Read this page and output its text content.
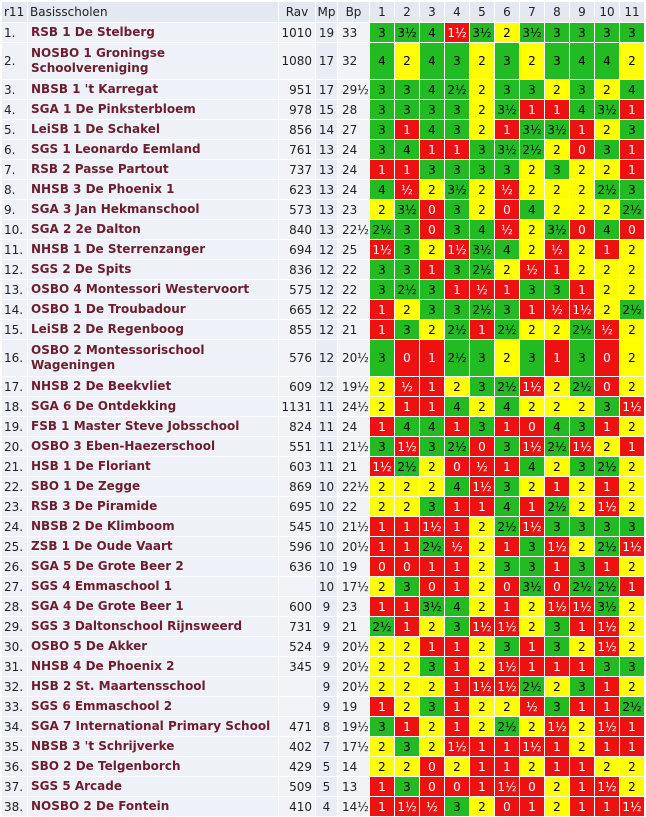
r11	Basisscholen	Rav	Mp	Bp	1	2	3	4	5	6	7	8	9	10	11
1.	RSB 1 De Stelberg	1010	19	33	3	3½	4	1½	3½	2	3½	3	3	3	3
2.	NOSBO 1 Groningse Schoolvereniging	1080	17	32	4	2	4	3	2	3	2	3	4	4	2
3.	NBSB 1 't Karregat	951	17	29½	3	3	4	2½	2	3	3	2	3	2	4
4.	SGA 1 De Pinksterbloem	978	15	28	3	3	3	3	2	3½	1	1	4	3½	1
5.	LeiSB 1 De Schakel	856	14	27	3	1	4	3	2	1	3½	3½	1	2	3
6.	SGS 1 Leonardo Eemland	761	13	24	3	4	1	1	3	3½	2½	2	0	3	1
7.	RSB 2 Passe Partout	737	13	24	1	1	3	3	3	3	2	3	2	2	1
8.	NHSB 3 De Phoenix 1	623	13	24	4	½	2	3½	2	½	2	2	2	2½	3
9.	SGA 3 Jan Hekmanschool	573	13	23	2	3½	0	3	2	0	4	2	2	2	2½
10.	SGA 2 2e Dalton	840	13	22½	2½	3	0	3	4	½	2	3½	0	4	0
11.	NHSB 1 De Sterrenzanger	694	12	25	1½	3	2	1½	3½	4	2	½	2	1	2
12.	SGS 2 De Spits	836	12	22	3	3	1	3	2½	2	½	1	2	2	2
13.	OSBO 4 Montessori Westervoort	575	12	22	3	2½	3	1	½	1	3	3	1	2	2
14.	OSBO 1 De Troubadour	665	12	22	1	2	3	3	2½	3	1	½	1½	2	2½
15.	LeiSB 2 De Regenboog	855	12	21	1	3	2	2½	1	2½	2	2	2½	½	2
16.	OSBO 2 Montessorischool Wageningen	576	12	20½	3	0	1	2½	3	2	3	1	3	0	2
17.	NHSB 2 De Beekvliet	609	12	19½	2	½	1	2	3	2½	1½	2	2½	0	2
18.	SGA 6 De Ontdekking	1131	11	24½	2	1	1	4	2	4	2	2	2	3	1½
19.	FSB 1 Master Steve Jobsschool	824	11	24	1	4	4	1	3	1	0	4	3	1	2
20.	OSBO 3 Eben-Haezerschool	551	11	21½	3	1½	3	2½	0	3	1½	2½	1½	2	1
21.	HSB 1 De Floriant	603	11	21	1½	2½	2	0	½	1	4	2	3	2½	2
22.	SBO 1 De Zegge	869	10	22½	2	2	2	4	1½	3	2	1	2	1	2
23.	RSB 3 De Piramide	695	10	22	2	2	3	1	1	4	1	2½	2	1½	2
24.	NBSB 2 De Klimboom	545	10	21½	1	1	1½	1	2	2½	1½	3	3	3	3
25.	ZSB 1 De Oude Vaart	596	10	20½	1	1	2½	½	2	1	3	1½	2	2½	1½
26.	SGA 5 De Grote Beer 2	636	10	19	0	0	1	1	2	3	3	1	3	1	2
27.	SGS 4 Emmaschool 1		10	17½	2	3	0	1	2	0	3½	0	2½	2½	1
28.	SGA 4 De Grote Beer 1	600	9	23	1	1	3½	4	2	1	2	1½	1½	3½	2
29.	SGS 3 Daltonschool Rijnsweerd	731	9	21	2½	1	2	3	1½	1½	2	3	1	1½	2
30.	OSBO 5 De Akker	524	9	20½	2	2	1	1	2	3	1	3	2	1½	2
31.	NHSB 4 De Phoenix 2	345	9	20½	2	2	3	1	2	1½	1	1	1	3	3
32.	HSB 2 St. Maartensschool		9	20½	2	2	2	1	1½	1½	2½	2	3	1	2
33.	SGS 6 Emmaschool 2		9	19	1	2	3	1	2	2	½	3	1	1	2½
34.	SGA 7 International Primary School	471	8	19½	3	1	2	1	2	2½	2	1½	2	1½	1
35.	NBSB 3 't Schrijverke	402	7	17½	2	3	2	1½	1	1	1½	1	2	1	1
36.	SBO 2 De Telgenborch	429	5	14	2	2	0	2	1	1	2	1	1	2	2
37.	SGS 5 Arcade	509	5	13	1	3	0	0	1	1½	0	2	1	1½	2
38.	NOSBO 2 De Fontein	410	4	14½	1	1½	½	3	2	0	1	2	1	1	1½
